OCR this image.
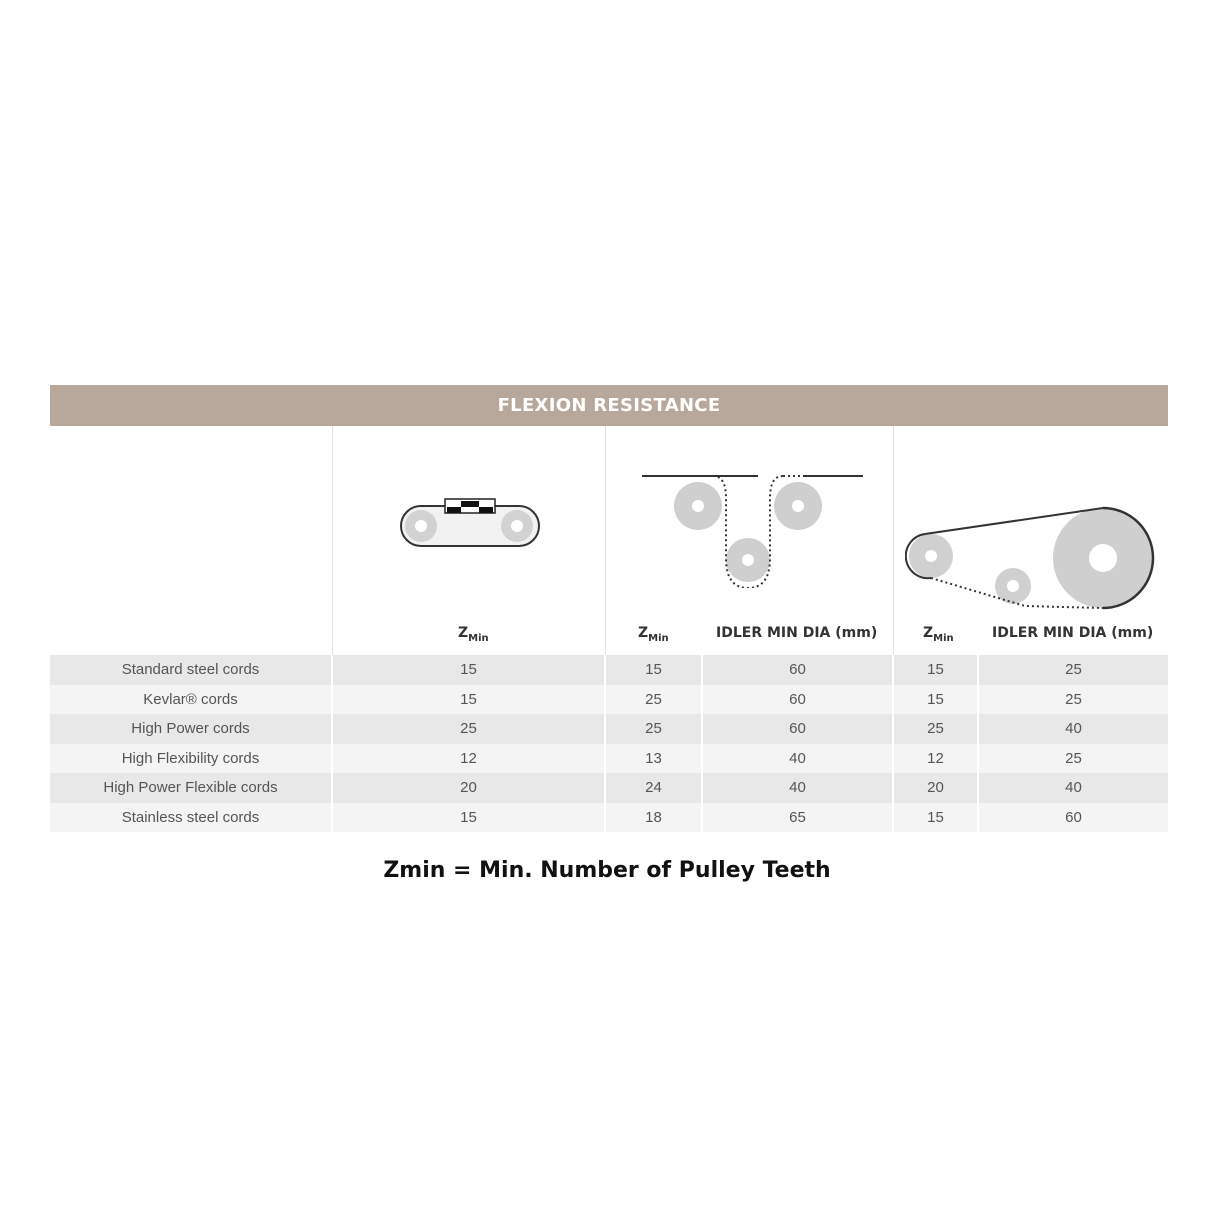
FLEXION RESISTANCE
$Z_{Min}$	$Z_{Min}$	IDLER MIN DIA (mm)	$Z_{Min}$	IDLER MIN DIA (mm)
Standard steel cords	15	15	60	15	25
Kevlar® cords	15	25	60	15	25
High Power cords	25	25	60	25	40
High Flexibility cords	12	13	40	12	25
High Power Flexible cords	20	24	40	20	40
Stainless steel cords	15	18	65	15	60
Zmin = Min. Number of Pulley Teeth
